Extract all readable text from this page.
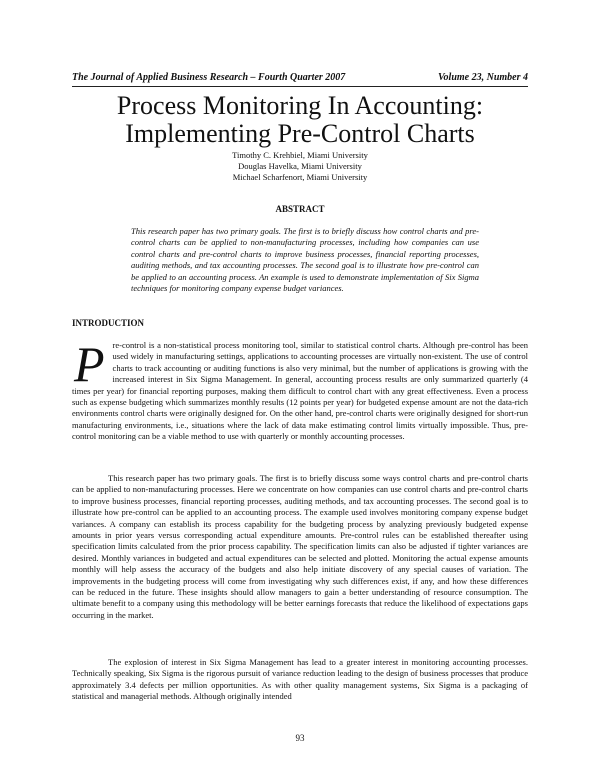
The Journal of Applied Business Research – Fourth Quarter 2007	Volume 23, Number 4
Process Monitoring In Accounting:
Implementing Pre-Control Charts
Timothy C. Krehbiel, Miami University
Douglas Havelka, Miami University
Michael Scharfenort, Miami University
ABSTRACT
This research paper has two primary goals. The first is to briefly discuss how control charts and pre-control charts can be applied to non-manufacturing processes, including how companies can use control charts and pre-control charts to improve business processes, financial reporting processes, auditing methods, and tax accounting processes. The second goal is to illustrate how pre-control can be applied to an accounting process. An example is used to demonstrate implementation of Six Sigma techniques for monitoring company expense budget variances.
INTRODUCTION
P re-control is a non-statistical process monitoring tool, similar to statistical control charts. Although pre-control has been used widely in manufacturing settings, applications to accounting processes are virtually non-existent. The use of control charts to track accounting or auditing functions is also very minimal, but the number of applications is growing with the increased interest in Six Sigma Management. In general, accounting process results are only summarized quarterly (4 times per year) for financial reporting purposes, making them difficult to control chart with any great effectiveness. Even a process such as expense budgeting which summarizes monthly results (12 points per year) for budgeted expense amount are not the data-rich environments control charts were originally designed for. On the other hand, pre-control charts were originally designed for short-run manufacturing environments, i.e., situations where the lack of data make estimating control limits virtually impossible. Thus, pre-control monitoring can be a viable method to use with quarterly or monthly accounting processes.
This research paper has two primary goals. The first is to briefly discuss some ways control charts and pre-control charts can be applied to non-manufacturing processes. Here we concentrate on how companies can use control charts and pre-control charts to improve business processes, financial reporting processes, auditing methods, and tax accounting processes. The second goal is to illustrate how pre-control can be applied to an accounting process. The example used involves monitoring company expense budget variances. A company can establish its process capability for the budgeting process by analyzing previously budgeted expense amounts in prior years versus corresponding actual expenditure amounts. Pre-control rules can be established thereafter using specification limits calculated from the prior process capability. The specification limits can also be adjusted if tighter variances are desired. Monthly variances in budgeted and actual expenditures can be selected and plotted. Monitoring the actual expense amounts monthly will help assess the accuracy of the budgets and also help initiate discovery of any special causes of variation. The improvements in the budgeting process will come from investigating why such differences exist, if any, and how these differences can be reduced in the future. These insights should allow managers to gain a better understanding of resource consumption. The ultimate benefit to a company using this methodology will be better earnings forecasts that reduce the likelihood of expectations gaps occurring in the market.
The explosion of interest in Six Sigma Management has lead to a greater interest in monitoring accounting processes. Technically speaking, Six Sigma is the rigorous pursuit of variance reduction leading to the design of business processes that produce approximately 3.4 defects per million opportunities. As with other quality management systems, Six Sigma is a packaging of statistical and managerial methods. Although originally intended
93
